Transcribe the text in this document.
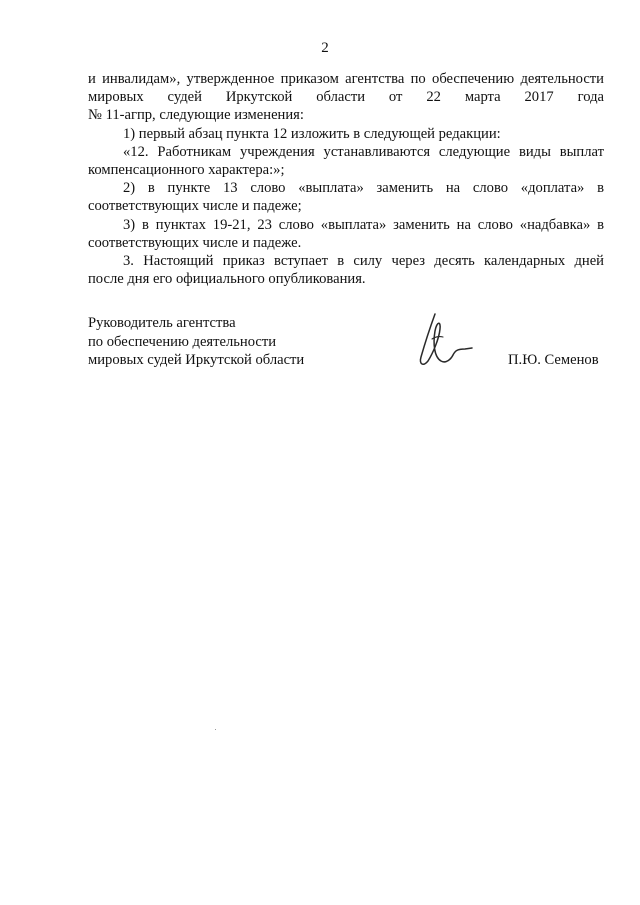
2
и инвалидам», утвержденное приказом агентства по обеспечению деятельности
мировых судей Иркутской области от 22 марта 2017 года
№ 11-агпр, следующие изменения:
1) первый абзац пункта 12 изложить в следующей редакции:
«12. Работникам учреждения устанавливаются следующие виды выплат
компенсационного характера:»;
2) в пункте 13 слово «выплата» заменить на слово «доплата» в
соответствующих числе и падеже;
3) в пунктах 19-21, 23 слово «выплата» заменить на слово «надбавка» в
соответствующих числе и падеже.
3. Настоящий приказ вступает в силу через десять календарных дней
после дня его официального опубликования.
Руководитель агентства
по обеспечению деятельности
мировых судей Иркутской области	П.Ю. Семенов
